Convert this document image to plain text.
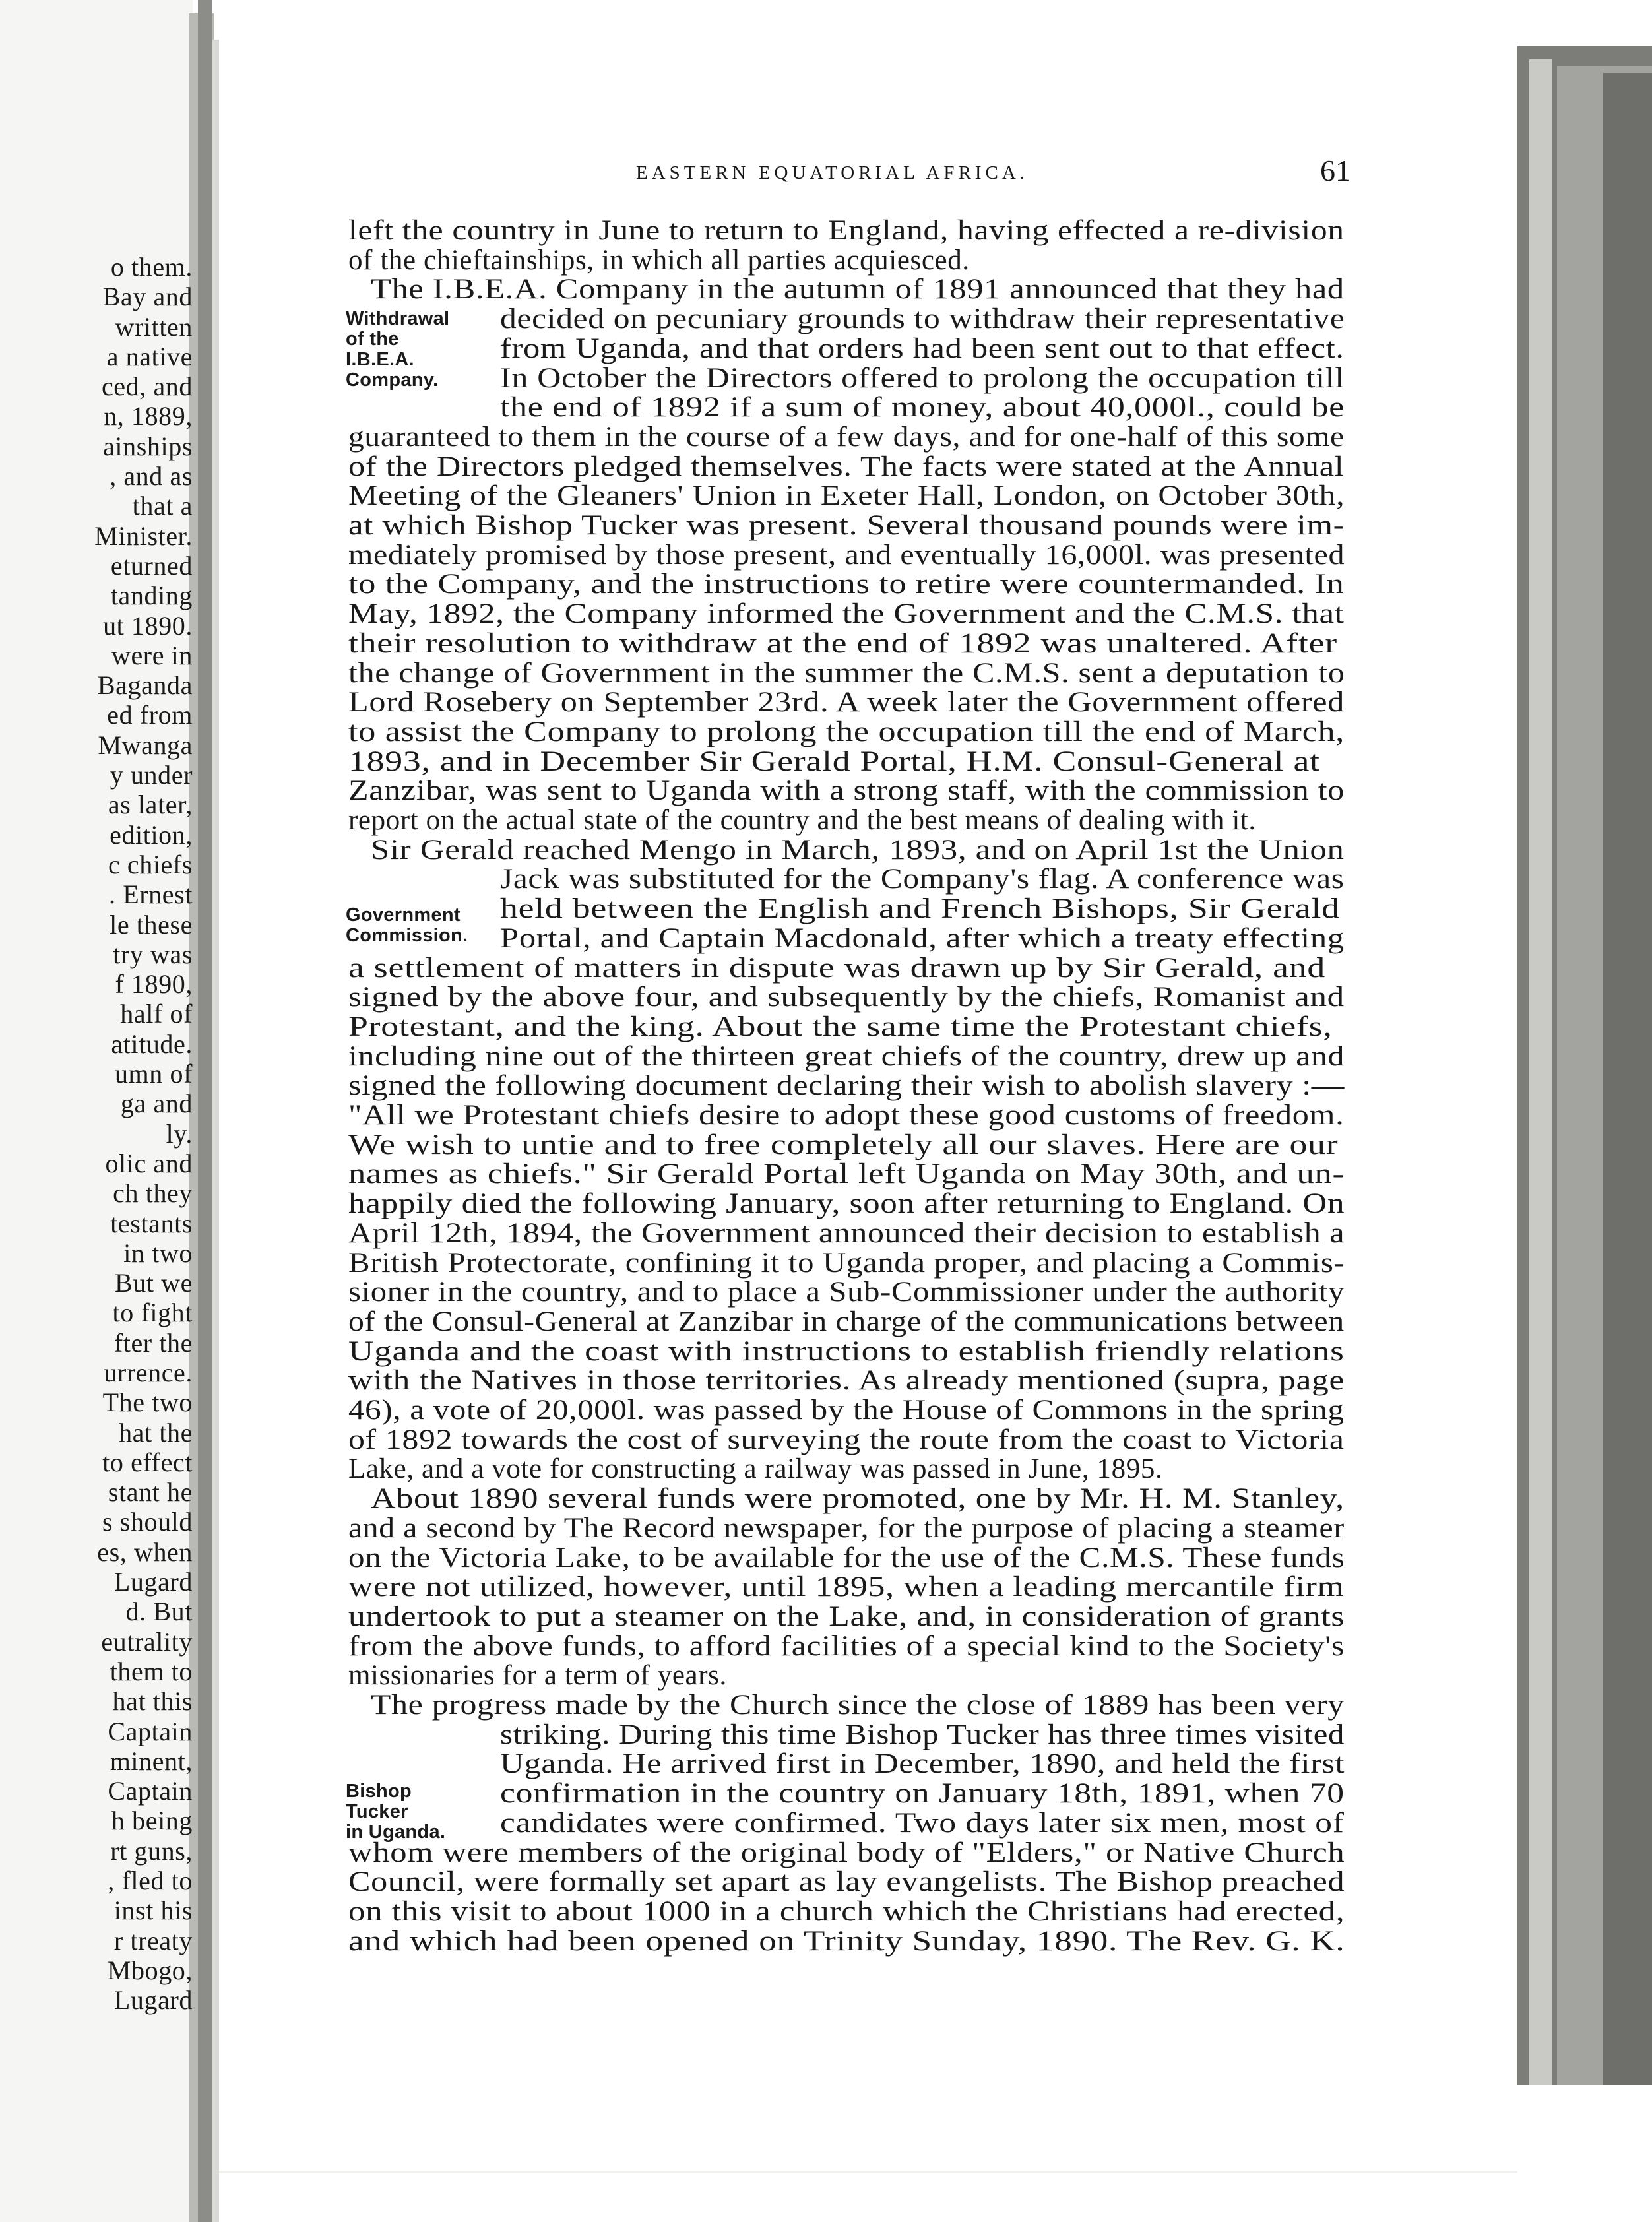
EASTERN EQUATORIAL AFRICA.	61
o them.
Bay and
written
a native
ced, and
n, 1889,
ainships
, and as
that a
Minister.
eturned
tanding
ut 1890.
were in
Baganda
ed from
Mwanga
y under
as later,
edition,
c chiefs
. Ernest
le these
try was
f 1890,
half of
atitude.
umn of
ga and
ly.
olic and
ch they
testants
in two
But we
to fight
fter the
urrence.
The two
hat the
to effect
stant he
s should
es, when
Lugard
d. But
eutrality
them to
hat this
Captain
minent,
Captain
h being
rt guns,
, fled to
inst his
r treaty
Mbogo,
Lugard

left the country in June to return to England, having effected a re-division

of the chieftainships, in which all parties acquiesced.

The I.B.E.A. Company in the autumn of 1891 announced that they had

decided on pecuniary grounds to withdraw their representative

from Uganda, and that orders had been sent out to that effect.

In October the Directors offered to prolong the occupation till

the end of 1892 if a sum of money, about 40,000l., could be

guaranteed to them in the course of a few days, and for one-half of this some

of the Directors pledged themselves. The facts were stated at the Annual

Meeting of the Gleaners' Union in Exeter Hall, London, on October 30th,

at which Bishop Tucker was present. Several thousand pounds were im-

mediately promised by those present, and eventually 16,000l. was presented

to the Company, and the instructions to retire were countermanded. In

May, 1892, the Company informed the Government and the C.M.S. that

their resolution to withdraw at the end of 1892 was unaltered. After

the change of Government in the summer the C.M.S. sent a deputation to

Lord Rosebery on September 23rd. A week later the Government offered

to assist the Company to prolong the occupation till the end of March,

1893, and in December Sir Gerald Portal, H.M. Consul-General at

Zanzibar, was sent to Uganda with a strong staff, with the commission to

report on the actual state of the country and the best means of dealing with it.

Sir Gerald reached Mengo in March, 1893, and on April 1st the Union

Jack was substituted for the Company's flag. A conference was

held between the English and French Bishops, Sir Gerald

Portal, and Captain Macdonald, after which a treaty effecting

a settlement of matters in dispute was drawn up by Sir Gerald, and

signed by the above four, and subsequently by the chiefs, Romanist and

Protestant, and the king. About the same time the Protestant chiefs,

including nine out of the thirteen great chiefs of the country, drew up and

signed the following document declaring their wish to abolish slavery :—

"All we Protestant chiefs desire to adopt these good customs of freedom.

We wish to untie and to free completely all our slaves. Here are our

names as chiefs." Sir Gerald Portal left Uganda on May 30th, and un-

happily died the following January, soon after returning to England. On

April 12th, 1894, the Government announced their decision to establish a

British Protectorate, confining it to Uganda proper, and placing a Commis-

sioner in the country, and to place a Sub-Commissioner under the authority

of the Consul-General at Zanzibar in charge of the communications between

Uganda and the coast with instructions to establish friendly relations

with the Natives in those territories. As already mentioned (supra, page

46), a vote of 20,000l. was passed by the House of Commons in the spring

of 1892 towards the cost of surveying the route from the coast to Victoria

Lake, and a vote for constructing a railway was passed in June, 1895.

About 1890 several funds were promoted, one by Mr. H. M. Stanley,

and a second by The Record newspaper, for the purpose of placing a steamer

on the Victoria Lake, to be available for the use of the C.M.S. These funds

were not utilized, however, until 1895, when a leading mercantile firm

undertook to put a steamer on the Lake, and, in consideration of grants

from the above funds, to afford facilities of a special kind to the Society's

missionaries for a term of years.

The progress made by the Church since the close of 1889 has been very

striking. During this time Bishop Tucker has three times visited

Uganda. He arrived first in December, 1890, and held the first

confirmation in the country on January 18th, 1891, when 70

candidates were confirmed. Two days later six men, most of

whom were members of the original body of "Elders," or Native Church

Council, were formally set apart as lay evangelists. The Bishop preached

on this visit to about 1000 in a church which the Christians had erected,

and which had been opened on Trinity Sunday, 1890. The Rev. G. K.

Withdrawal
of the
I.B.E.A.
Company.
Government
Commission.
Bishop
Tucker
in Uganda.
